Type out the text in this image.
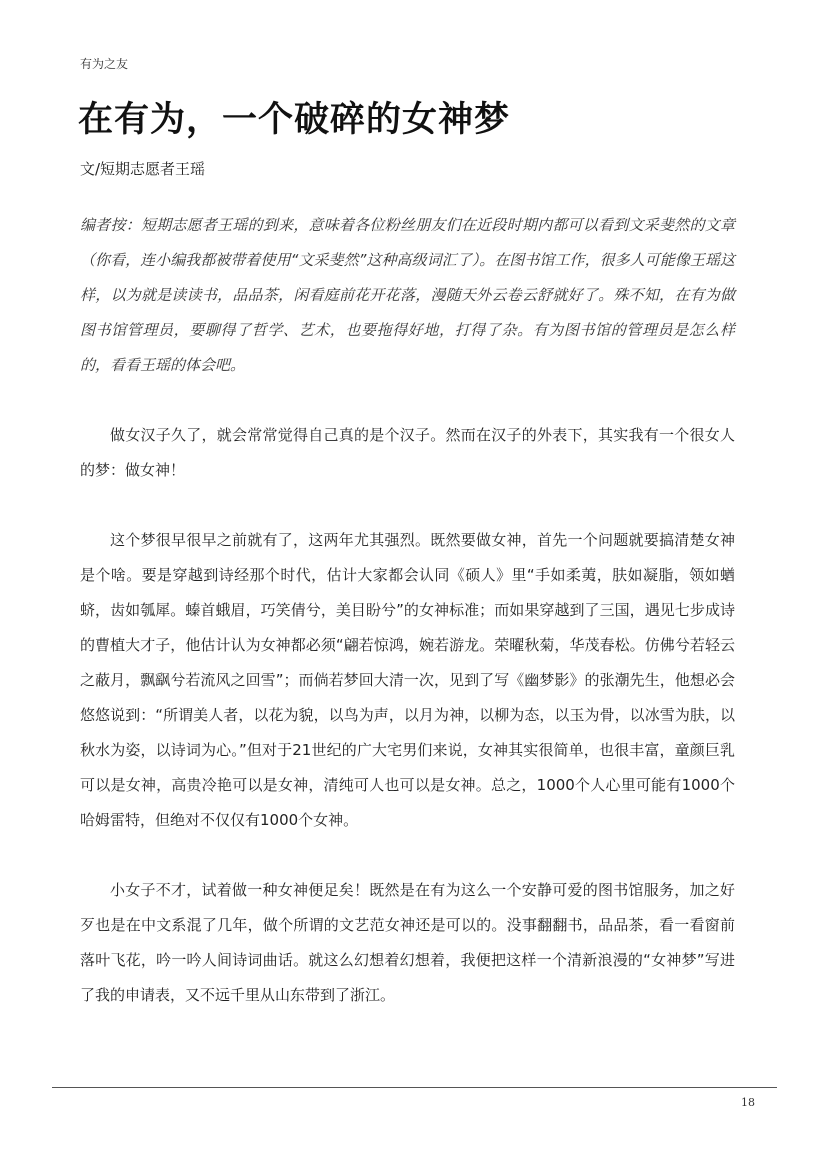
有为之友

在有为，一个破碎的女神梦

文/短期志愿者王瑶

编者按：短期志愿者王瑶的到来，意味着各位粉丝朋友们在近段时期内都可以看到文采斐然的文章（你看，连小编我都被带着使用“文采斐然”这种高级词汇了）。在图书馆工作，很多人可能像王瑶这样，以为就是读读书，品品茶，闲看庭前花开花落，漫随天外云卷云舒就好了。殊不知，在有为做图书馆管理员，要聊得了哲学、艺术，也要拖得好地，打得了杂。有为图书馆的管理员是怎么样的，看看王瑶的体会吧。

做女汉子久了，就会常常觉得自己真的是个汉子。然而在汉子的外表下，其实我有一个很女人的梦：做女神！

这个梦很早很早之前就有了，这两年尤其强烈。既然要做女神，首先一个问题就要搞清楚女神是个啥。要是穿越到诗经那个时代，估计大家都会认同《硕人》里“手如柔荑，肤如凝脂，领如蝤蛴，齿如瓠犀。螓首蛾眉，巧笑倩兮，美目盼兮”的女神标准；而如果穿越到了三国，遇见七步成诗的曹植大才子，他估计认为女神都必须“翩若惊鸿，婉若游龙。荣曜秋菊，华茂春松。仿佛兮若轻云之蔽月，飘飖兮若流风之回雪”；而倘若梦回大清一次，见到了写《幽梦影》的张潮先生，他想必会悠悠说到：“所谓美人者，以花为貌，以鸟为声，以月为神，以柳为态，以玉为骨，以冰雪为肤，以秋水为姿，以诗词为心。”但对于21世纪的广大宅男们来说，女神其实很简单，也很丰富，童颜巨乳可以是女神，高贵冷艳可以是女神，清纯可人也可以是女神。总之，1000个人心里可能有1000个哈姆雷特，但绝对不仅仅有1000个女神。

小女子不才，试着做一种女神便足矣！既然是在有为这么一个安静可爱的图书馆服务，加之好歹也是在中文系混了几年，做个所谓的文艺范女神还是可以的。没事翻翻书，品品茶，看一看窗前落叶飞花，吟一吟人间诗词曲话。就这么幻想着幻想着，我便把这样一个清新浪漫的“女神梦”写进了我的申请表，又不远千里从山东带到了浙江。

18
